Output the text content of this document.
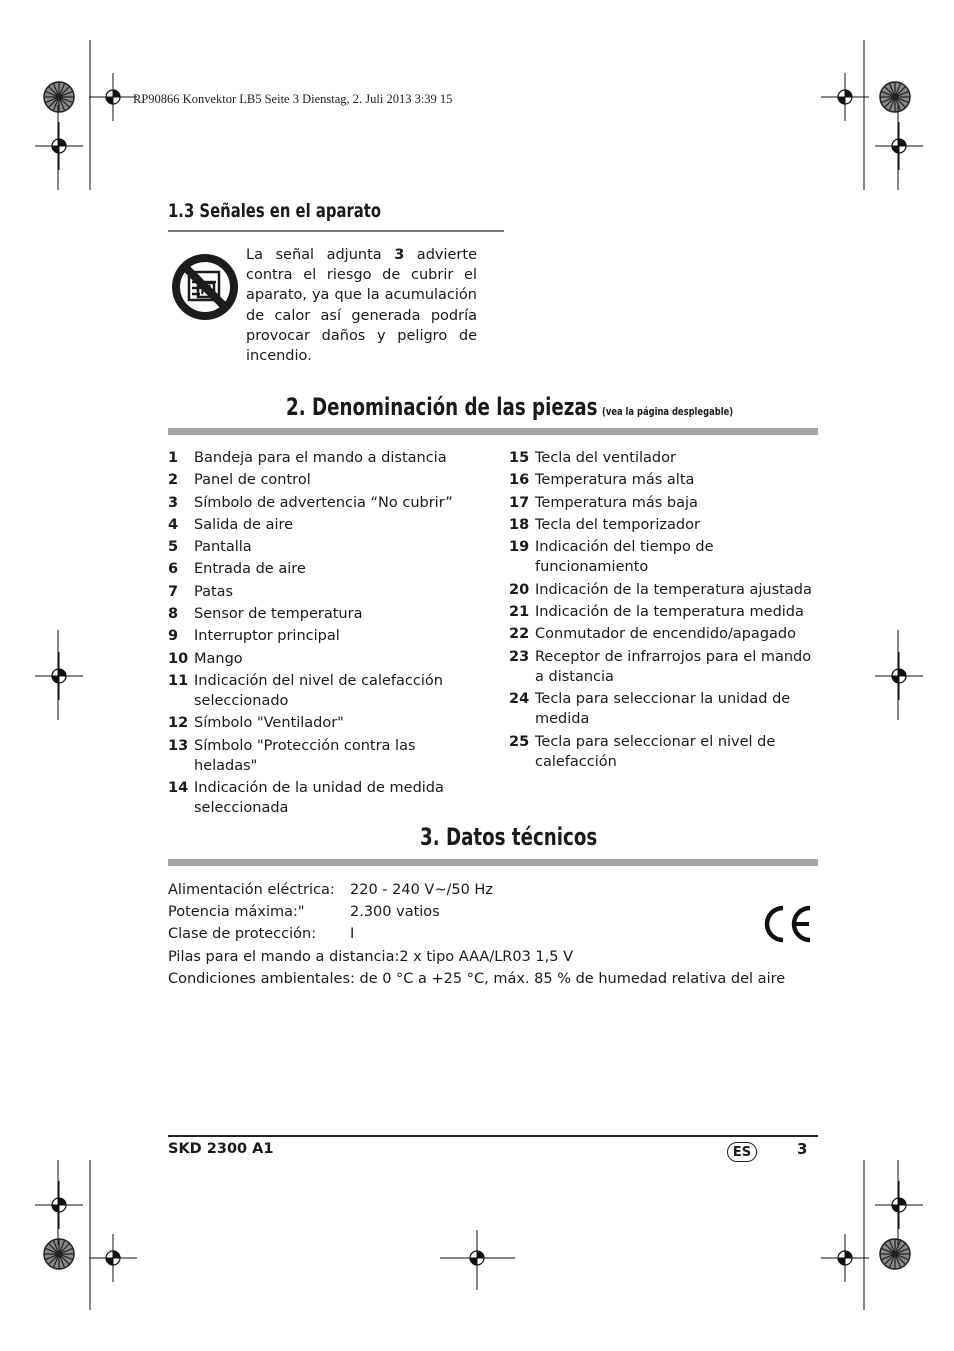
RP90866 Konvektor LB5 Seite 3 Dienstag, 2. Juli 2013 3:39 15
1.3 Señales en el aparato
La señal adjunta 3 advierte contra el riesgo de cubrir el aparato, ya que la acumulación de calor así generada podría provocar daños y peligro de incendio.
2. Denominación de las piezas (vea la página desplegable)
1	Bandeja para el mando a distancia
2	Panel de control
3	Símbolo de advertencia “No cubrir”
4	Salida de aire
5	Pantalla
6	Entrada de aire
7	Patas
8	Sensor de temperatura
9	Interruptor principal
10 Mango
11 Indicación del nivel de calefacción seleccionado
12 Símbolo "Ventilador"
13 Símbolo "Protección contra las heladas"
14 Indicación de la unidad de medida seleccionada
15 Tecla del ventilador
16 Temperatura más alta
17 Temperatura más baja
18 Tecla del temporizador
19 Indicación del tiempo de funcionamiento
20 Indicación de la temperatura ajustada
21 Indicación de la temperatura medida
22 Conmutador de encendido/apagado
23 Receptor de infrarrojos para el mando a distancia
24 Tecla para seleccionar la unidad de medida
25 Tecla para seleccionar el nivel de calefacción
3. Datos técnicos
Alimentación eléctrica: 220 - 240 V~/50 Hz
Potencia máxima:"	2.300 vatios
Clase de protección: I
Pilas para el mando a distancia:2 x tipo AAA/LR03 1,5 V
Condiciones ambientales: de 0 °C a +25 °C, máx. 85 % de humedad relativa del aire
SKD 2300 A1	ES	3
